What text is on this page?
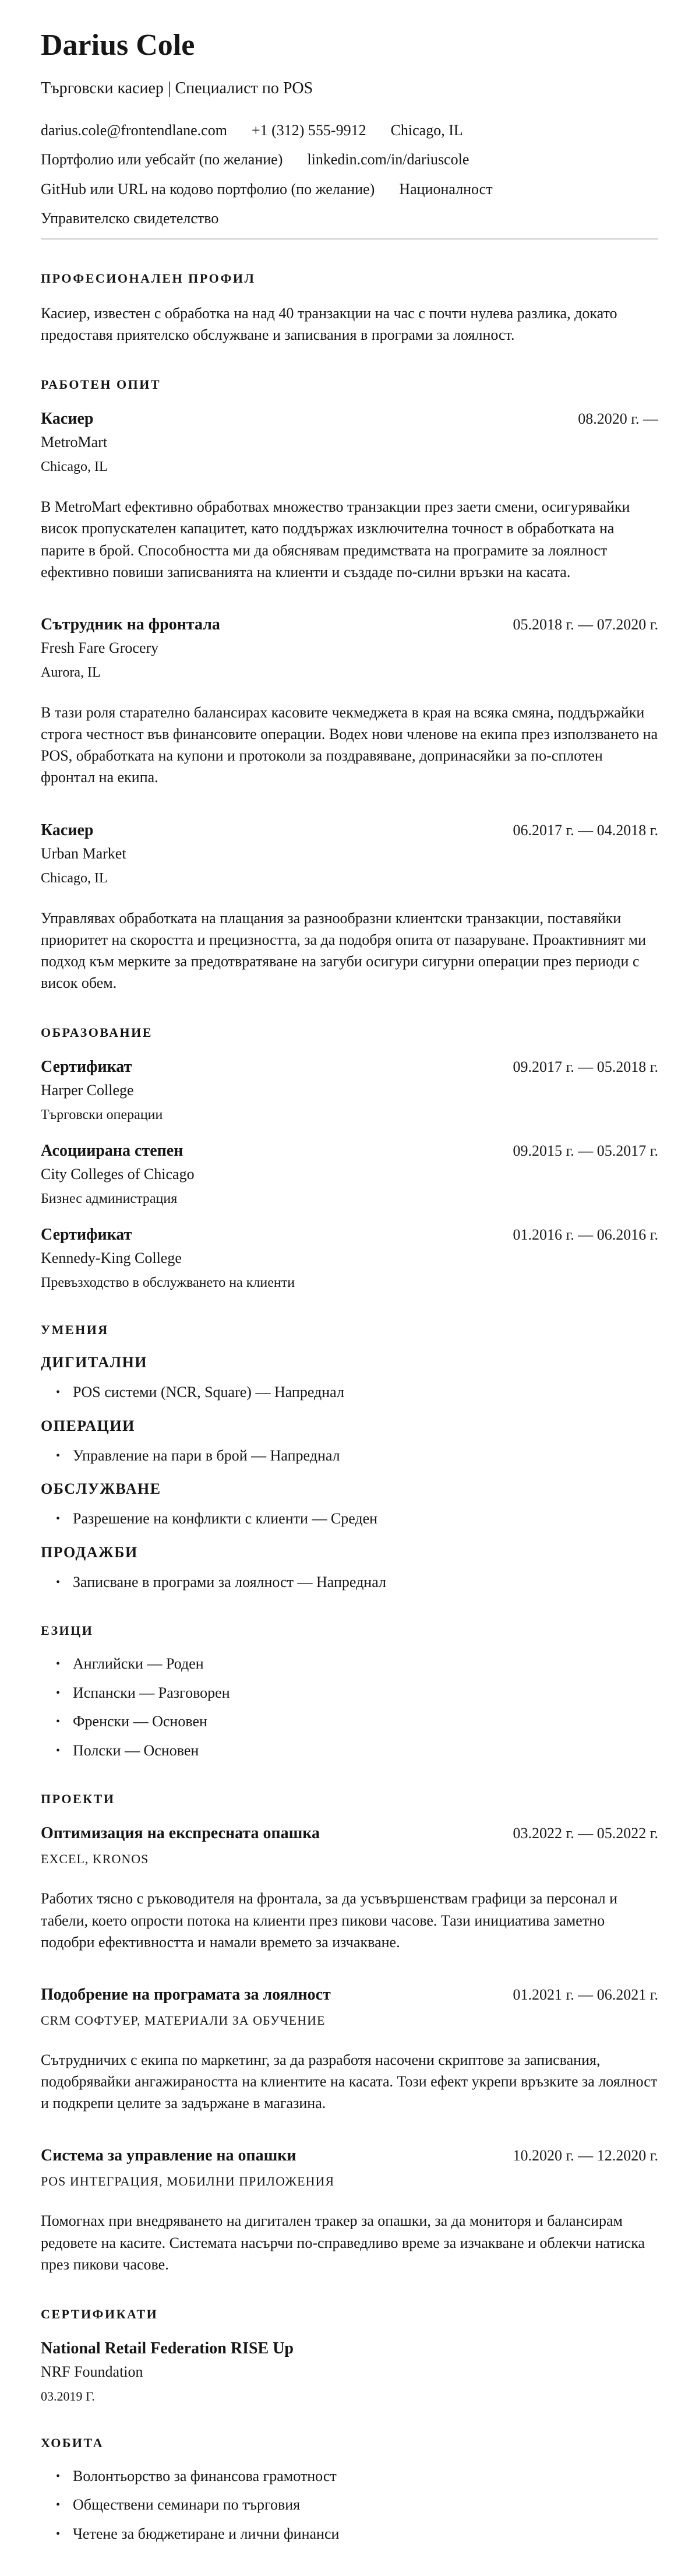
Darius Cole
Търговски касиер | Специалист по POS
darius.cole@frontendlane.com +1 (312) 555-9912 Chicago, IL
Портфолио или уебсайт (по желание) linkedin.com/in/dariuscole
GitHub или URL на кодово портфолио (по желание) Националност
Управителско свидетелство
ПРОФЕСИОНАЛЕН ПРОФИЛ

Касиер, известен с обработка на над 40 транзакции на час с почти нулева разлика, докато предоставя приятелско обслужване и записвания в програми за лоялност.

РАБОТЕН ОПИТ
Касиер	08.2020 г. —
MetroMart
Chicago, IL

В MetroMart ефективно обработвах множество транзакции през заети смени, осигурявайки висок пропускателен капацитет, като поддържах изключителна точност в обработката на парите в брой. Способността ми да обяснявам предимствата на програмите за лоялност ефективно повиши записванията на клиенти и създаде по-силни връзки на касата.

Сътрудник на фронтала	05.2018 г. — 07.2020 г.
Fresh Fare Grocery
Aurora, IL

В тази роля старателно балансирах касовите чекмеджета в края на всяка смяна, поддържайки строга честност във финансовите операции. Водех нови членове на екипа през използването на POS, обработката на купони и протоколи за поздравяване, допринасяйки за по-сплотен фронтал на екипа.

Касиер	06.2017 г. — 04.2018 г.
Urban Market
Chicago, IL

Управлявах обработката на плащания за разнообразни клиентски транзакции, поставяйки приоритет на скоростта и прецизността, за да подобря опита от пазаруване. Проактивният ми подход към мерките за предотвратяване на загуби осигури сигурни операции през периоди с висок обем.

ОБРАЗОВАНИЕ
Сертификат	09.2017 г. — 05.2018 г.
Harper College
Търговски операции
Асоциирана степен	09.2015 г. — 05.2017 г.
City Colleges of Chicago
Бизнес администрация
Сертификат	01.2016 г. — 06.2016 г.
Kennedy-King College
Превъзходство в обслужването на клиенти
УМЕНИЯ
ДИГИТАЛНИ
• POS системи (NCR, Square) — Напреднал
ОПЕРАЦИИ
• Управление на пари в брой — Напреднал
ОБСЛУЖВАНЕ
• Разрешение на конфликти с клиенти — Среден
ПРОДАЖБИ
• Записване в програми за лоялност — Напреднал
ЕЗИЦИ
• Английски — Роден
• Испански — Разговорен
• Френски — Основен
• Полски — Основен
ПРОЕКТИ
Оптимизация на експресната опашка	03.2022 г. — 05.2022 г.
EXCEL, KRONOS

Работих тясно с ръководителя на фронтала, за да усъвършенствам графици за персонал и табели, което опрости потока на клиенти през пикови часове. Тази инициатива заметно подобри ефективността и намали времето за изчакване.

Подобрение на програмата за лоялност	01.2021 г. — 06.2021 г.
CRM СОФТУЕР, МАТЕРИАЛИ ЗА ОБУЧЕНИЕ

Сътрудничих с екипа по маркетинг, за да разработя насочени скриптове за записвания, подобрявайки ангажираността на клиентите на касата. Този ефект укрепи връзките за лоялност и подкрепи целите за задържане в магазина.

Система за управление на опашки	10.2020 г. — 12.2020 г.
POS ИНТЕГРАЦИЯ, МОБИЛНИ ПРИЛОЖЕНИЯ

Помогнах при внедряването на дигитален тракер за опашки, за да мониторя и балансирам редовете на касите. Системата насърчи по-справедливо време за изчакване и облекчи натиска през пикови часове.

СЕРТИФИКАТИ
National Retail Federation RISE Up
NRF Foundation
03.2019 Г.
ХОБИТА
• Волонтьорство за финансова грамотност
• Обществени семинари по търговия
• Четене за бюджетиране и лични финанси
